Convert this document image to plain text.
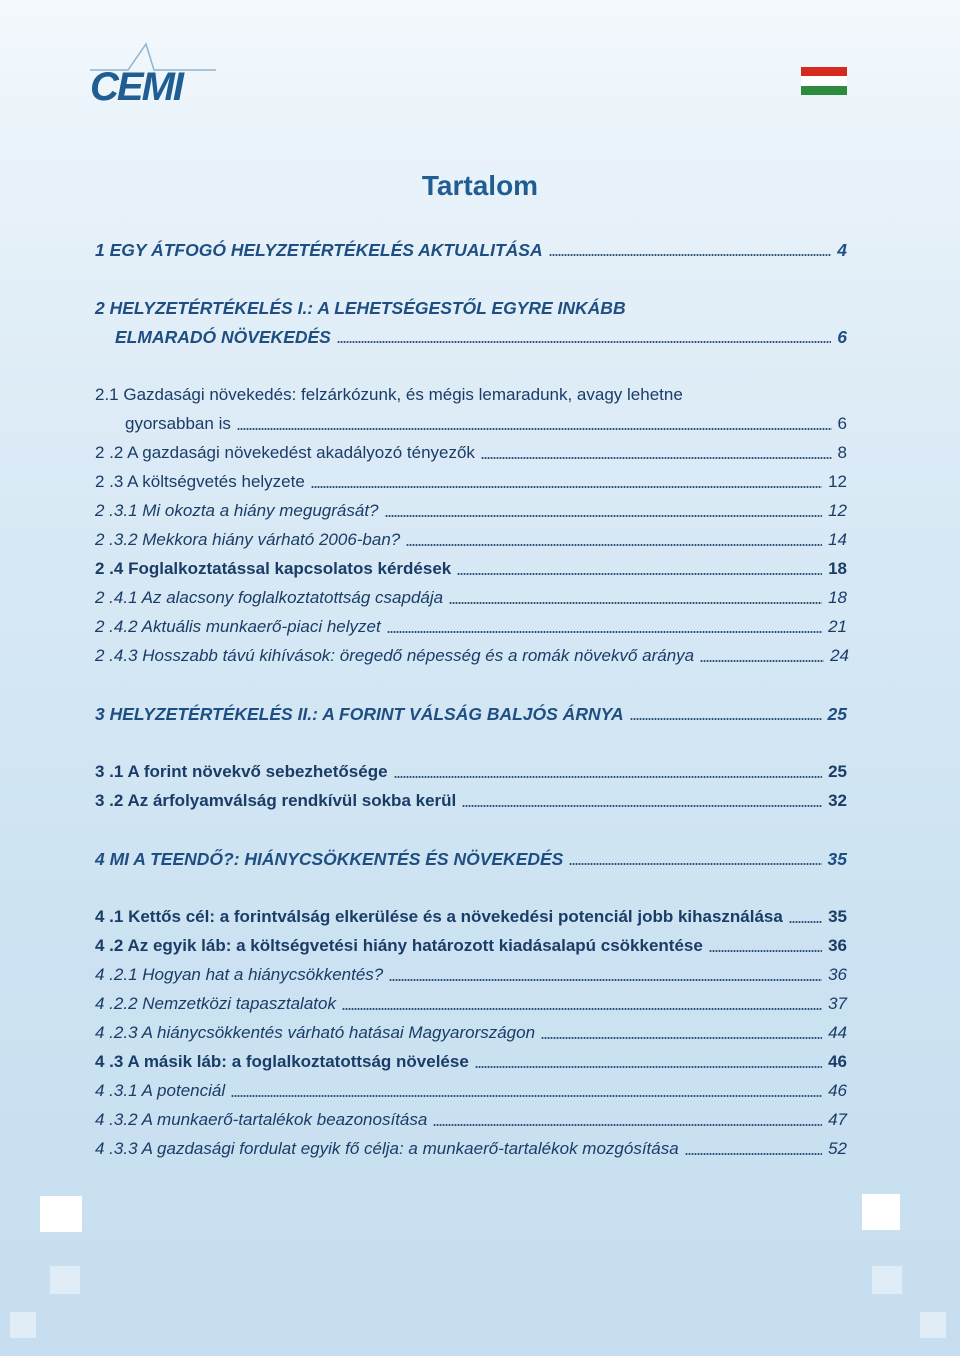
CEMI
Tartalom
1 EGY ÁTFOGÓ HELYZETÉRTÉKELÉS AKTUALITÁSA	4
2 HELYZETÉRTÉKELÉS I.: A LEHETSÉGESTŐL EGYRE INKÁBB
ELMARADÓ NÖVEKEDÉS	6
2.1 Gazdasági növekedés: felzárkózunk, és mégis lemaradunk, avagy lehetne
gyorsabban is	6
2 .2 A gazdasági növekedést akadályozó tényezők	8
2 .3 A költségvetés helyzete	12
2 .3.1 Mi okozta a hiány megugrását?	12
2 .3.2 Mekkora hiány várható 2006-ban?	14
2 .4 Foglalkoztatással kapcsolatos kérdések	18
2 .4.1 Az alacsony foglalkoztatottság csapdája	18
2 .4.2 Aktuális munkaerő-piaci helyzet	21
2 .4.3 Hosszabb távú kihívások: öregedő népesség és a romák növekvő aránya	24
3 HELYZETÉRTÉKELÉS II.: A FORINT VÁLSÁG BALJÓS ÁRNYA	25
3 .1 A forint növekvő sebezhetősége	25
3 .2 Az árfolyamválság rendkívül sokba kerül	32
4 MI A TEENDŐ?: HIÁNYCSÖKKENTÉS ÉS NÖVEKEDÉS	35
4 .1 Kettős cél: a forintválság elkerülése és a növekedési potenciál jobb kihasználása	35
4 .2 Az egyik láb: a költségvetési hiány határozott kiadásalapú csökkentése	36
4 .2.1 Hogyan hat a hiánycsökkentés?	36
4 .2.2 Nemzetközi tapasztalatok	37
4 .2.3 A hiánycsökkentés várható hatásai Magyarországon	44
4 .3 A másik láb: a foglalkoztatottság növelése	46
4 .3.1 A potenciál	46
4 .3.2 A munkaerő-tartalékok beazonosítása	47
4 .3.3 A gazdasági fordulat egyik fő célja: a munkaerő-tartalékok mozgósítása	52
